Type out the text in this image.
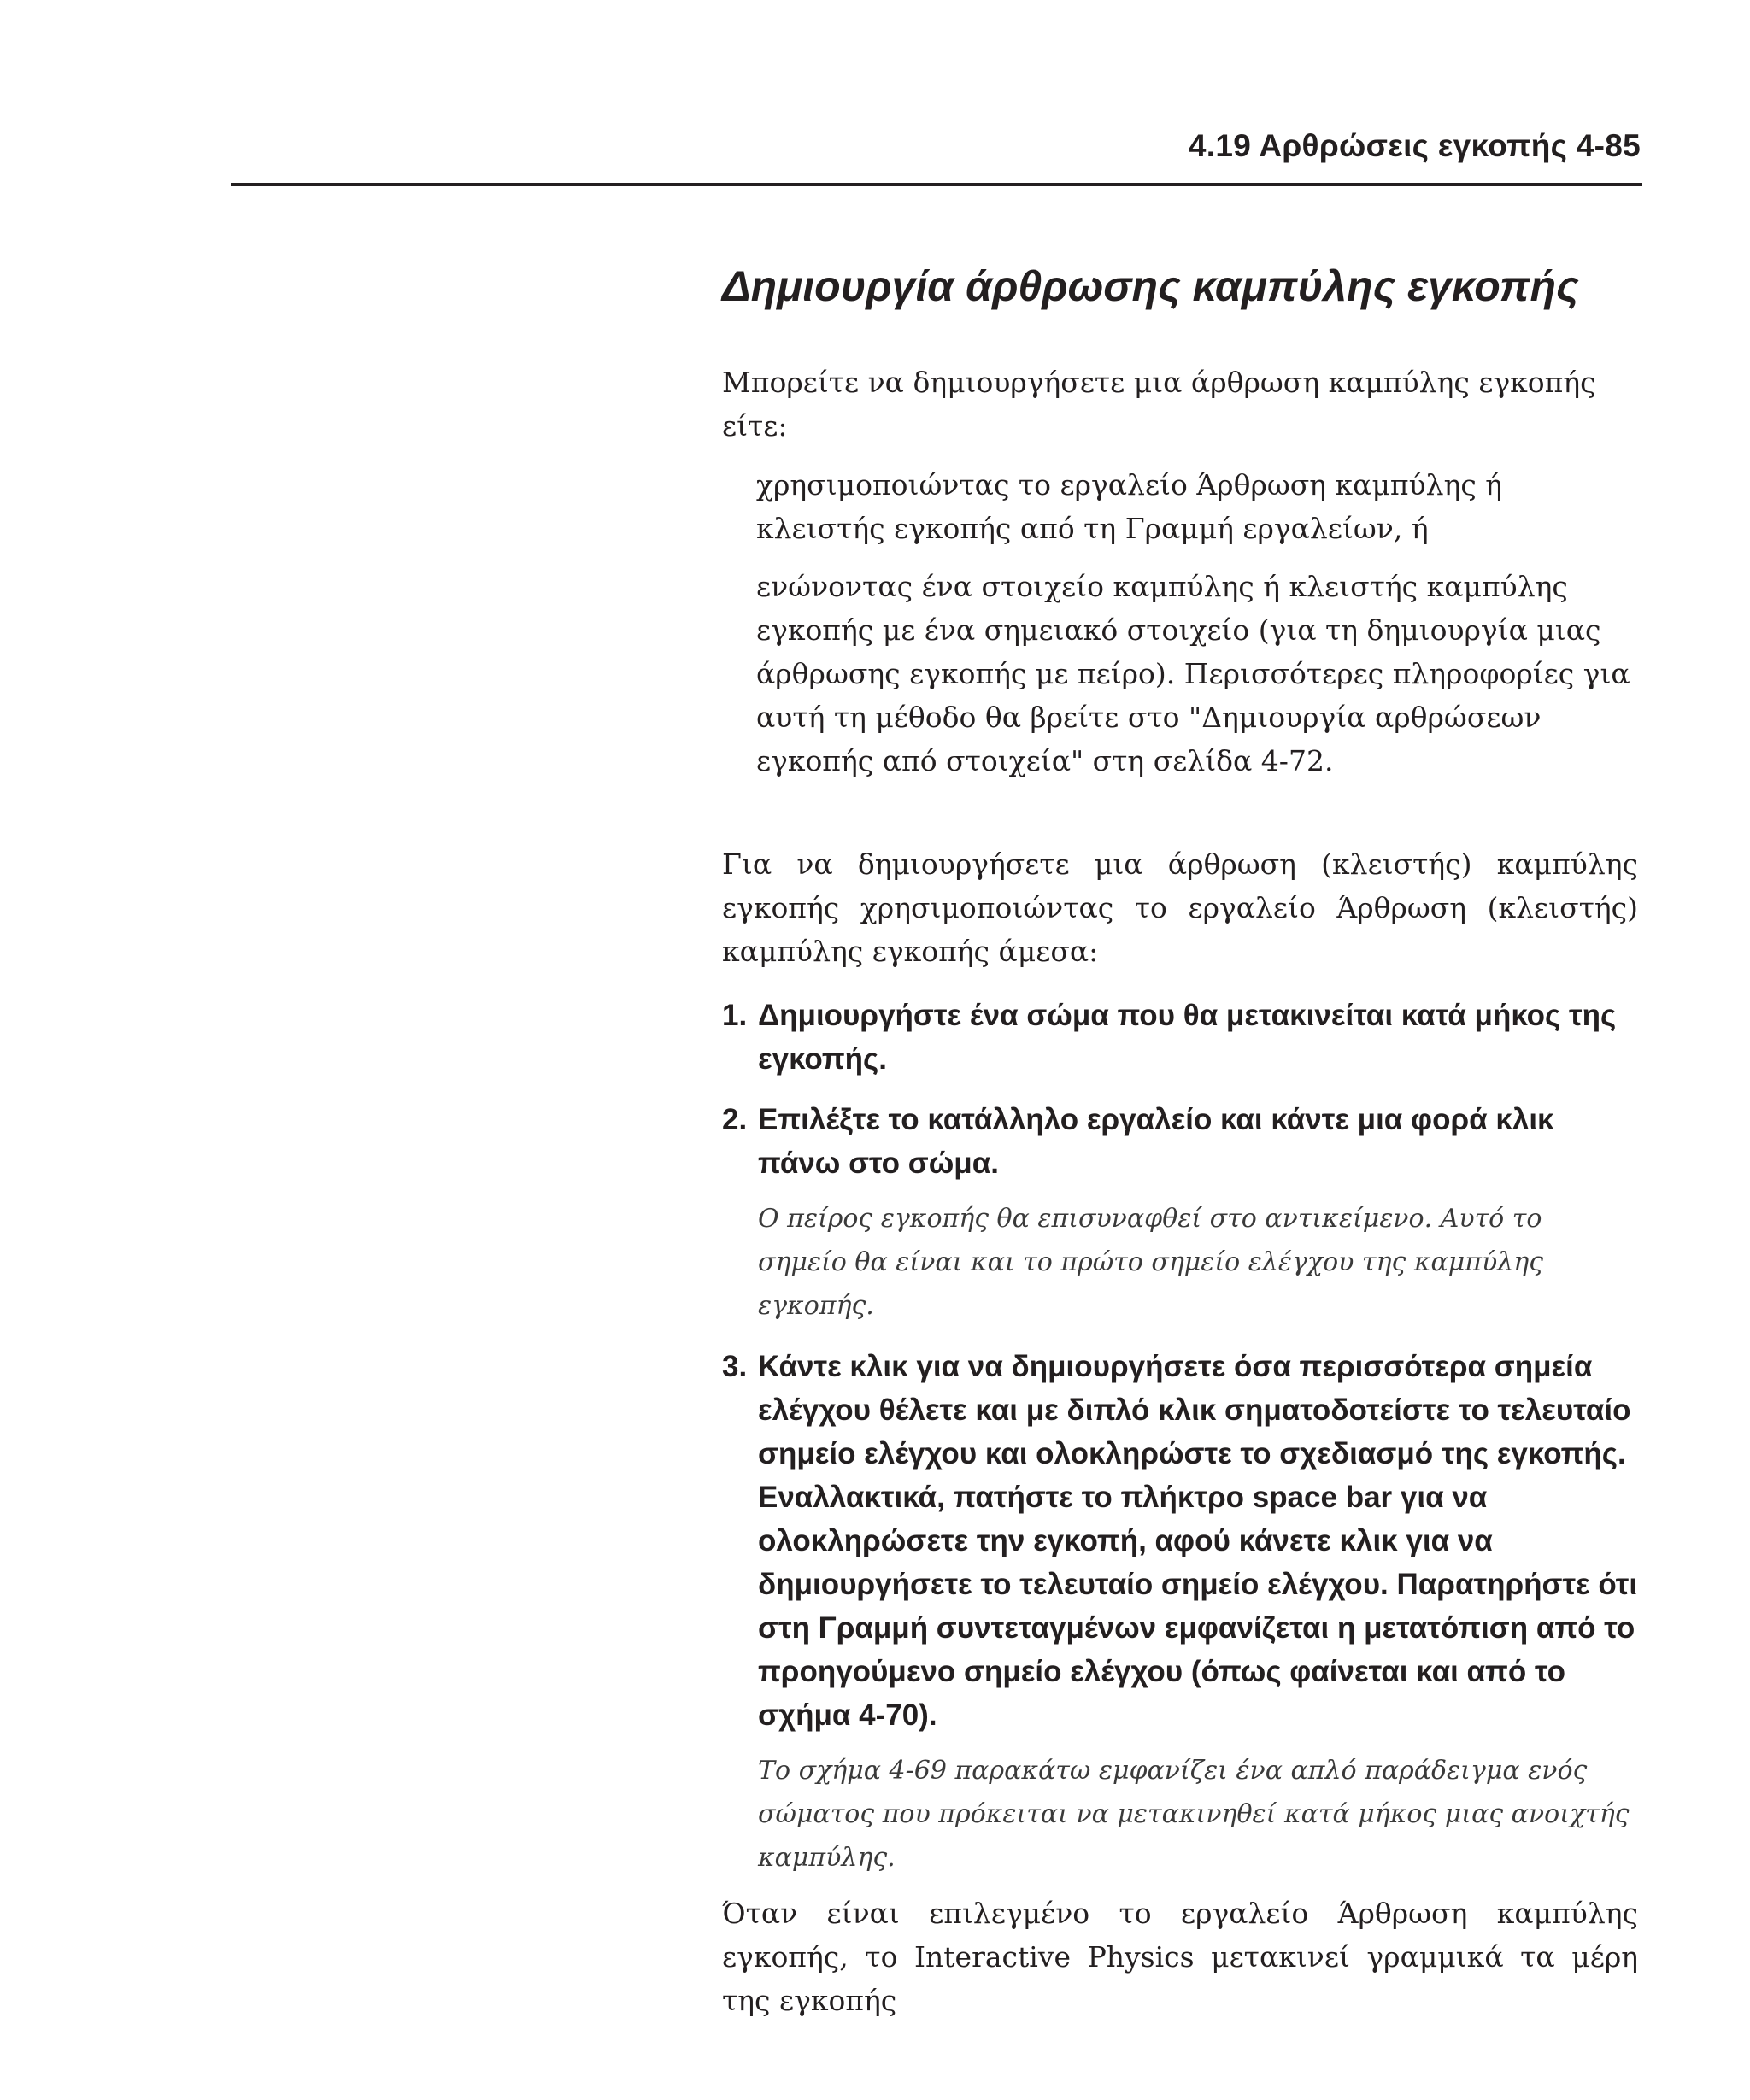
4.19 Αρθρώσεις εγκοπής 4-85
Δημιουργία άρθρωσης καμπύλης εγκοπής

Μπορείτε να δημιουργήσετε μια άρθρωση καμπύλης εγκοπής είτε:

χρησιμοποιώντας το εργαλείο Άρθρωση καμπύλης ή κλειστής εγκοπής από τη Γραμμή εργαλείων, ή
ενώνοντας ένα στοιχείο καμπύλης ή κλειστής καμπύλης εγκοπής με ένα σημειακό στοιχείο (για τη δημιουργία μιας άρθρωσης εγκοπής με πείρο). Περισσότερες πληροφορίες για αυτή τη μέθοδο θα βρείτε στο "Δημιουργία αρθρώσεων εγκοπής από στοιχεία" στη σελίδα 4-72.

Για να δημιουργήσετε μια άρθρωση (κλειστής) καμπύλης εγκοπής χρησιμοποιώντας το εργαλείο Άρθρωση (κλειστής) καμπύλης εγκοπής άμεσα:

1. Δημιουργήστε ένα σώμα που θα μετακινείται κατά μήκος της εγκοπής.
2. Επιλέξτε το κατάλληλο εργαλείο και κάντε μια φορά κλικ πάνω στο σώμα.
Ο πείρος εγκοπής θα επισυναφθεί στο αντικείμενο. Αυτό το σημείο θα είναι και το πρώτο σημείο ελέγχου της καμπύλης εγκοπής.
3. Κάντε κλικ για να δημιουργήσετε όσα περισσότερα σημεία ελέγχου θέλετε και με διπλό κλικ σηματοδοτείστε το τελευταίο σημείο ελέγχου και ολοκληρώστε το σχεδιασμό της εγκοπής. Εναλλακτικά, πατήστε το πλήκτρο space bar για να ολοκληρώσετε την εγκοπή, αφού κάνετε κλικ για να δημιουργήσετε το τελευταίο σημείο ελέγχου. Παρατηρήστε ότι στη Γραμμή συντεταγμένων εμφανίζεται η μετατόπιση από το προηγούμενο σημείο ελέγχου (όπως φαίνεται και από το σχήμα 4-70).
Το σχήμα 4-69 παρακάτω εμφανίζει ένα απλό παράδειγμα ενός σώματος που πρόκειται να μετακινηθεί κατά μήκος μιας ανοιχτής καμπύλης.

Όταν είναι επιλεγμένο το εργαλείο Άρθρωση καμπύλης εγκοπής, το Interactive Physics μετακινεί γραμμικά τα μέρη της εγκοπής
